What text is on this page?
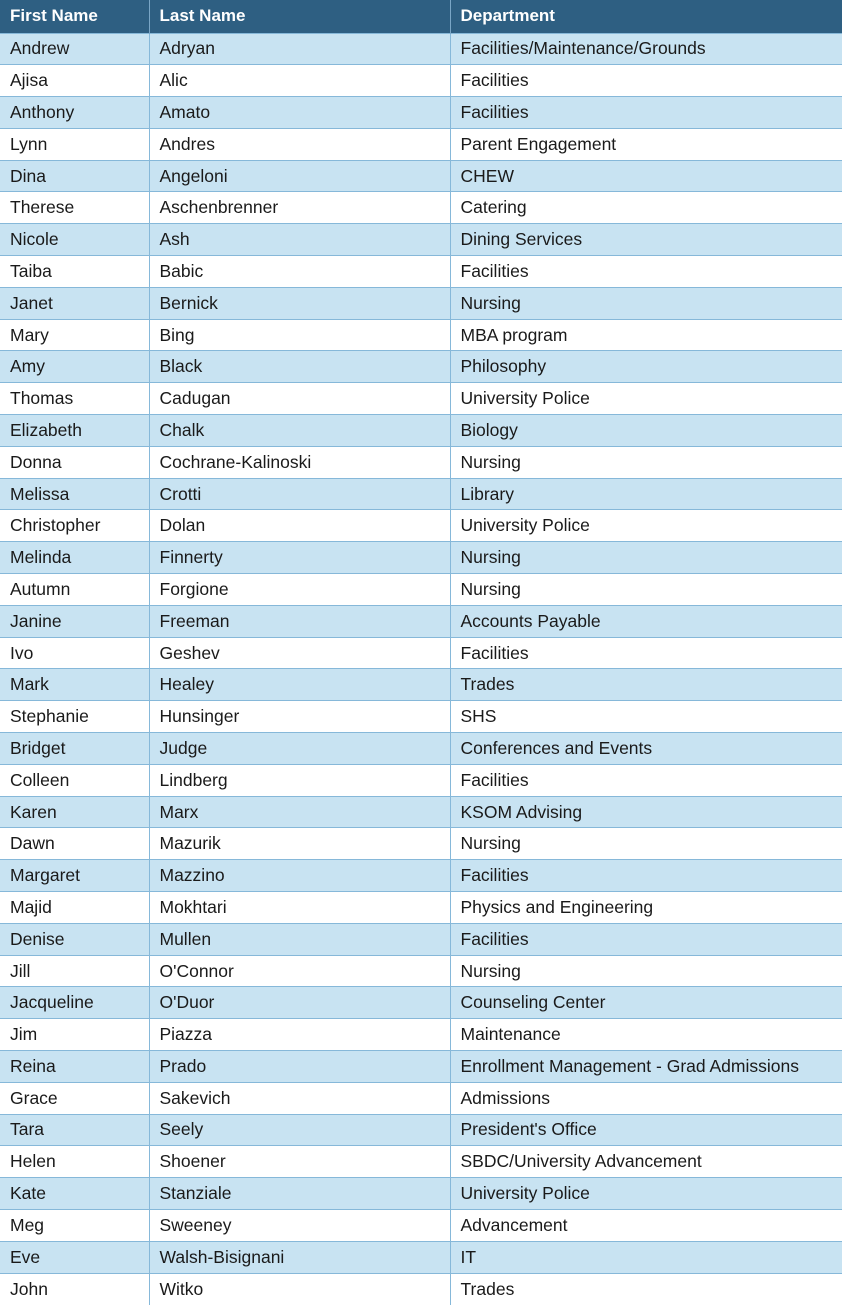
First Name	Last Name	Department
Andrew	Adryan	Facilities/Maintenance/Grounds
Ajisa	Alic	Facilities
Anthony	Amato	Facilities
Lynn	Andres	Parent Engagement
Dina	Angeloni	CHEW
Therese	Aschenbrenner	Catering
Nicole	Ash	Dining Services
Taiba	Babic	Facilities
Janet	Bernick	Nursing
Mary	Bing	MBA program
Amy	Black	Philosophy
Thomas	Cadugan	University Police
Elizabeth	Chalk	Biology
Donna	Cochrane-Kalinoski	Nursing
Melissa	Crotti	Library
Christopher	Dolan	University Police
Melinda	Finnerty	Nursing
Autumn	Forgione	Nursing
Janine	Freeman	Accounts Payable
Ivo	Geshev	Facilities
Mark	Healey	Trades
Stephanie	Hunsinger	SHS
Bridget	Judge	Conferences and Events
Colleen	Lindberg	Facilities
Karen	Marx	KSOM Advising
Dawn	Mazurik	Nursing
Margaret	Mazzino	Facilities
Majid	Mokhtari	Physics and Engineering
Denise	Mullen	Facilities
Jill	O'Connor	Nursing
Jacqueline	O'Duor	Counseling Center
Jim	Piazza	Maintenance
Reina	Prado	Enrollment Management - Grad Admissions
Grace	Sakevich	Admissions
Tara	Seely	President's Office
Helen	Shoener	SBDC/University Advancement
Kate	Stanziale	University Police
Meg	Sweeney	Advancement
Eve	Walsh-Bisignani	IT
John	Witko	Trades
